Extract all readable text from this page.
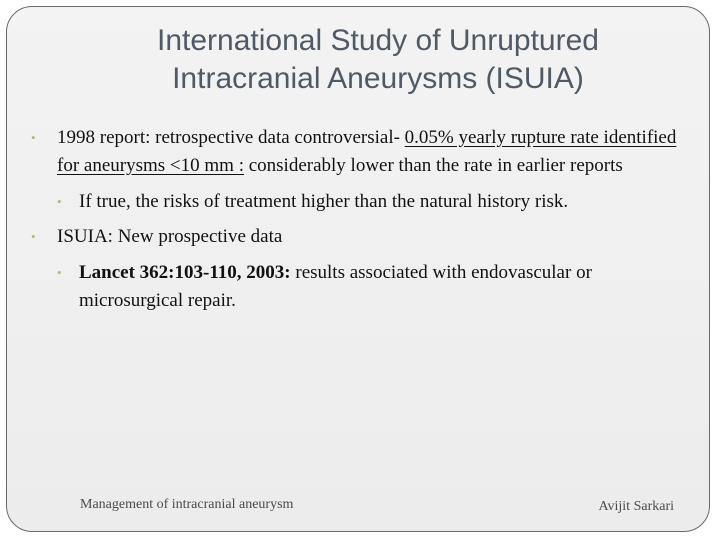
International Study of Unruptured
Intracranial Aneurysms (ISUIA)
• 1998 report: retrospective data controversial- 0.05% yearly rupture rate identified for aneurysms <10 mm : considerably lower than the rate in earlier reports
• If true, the risks of treatment higher than the natural history risk.
• ISUIA: New prospective data
• Lancet 362:103-110, 2003: results associated with endovascular or microsurgical repair.
Management of intracranial aneurysm	Avijit Sarkari
